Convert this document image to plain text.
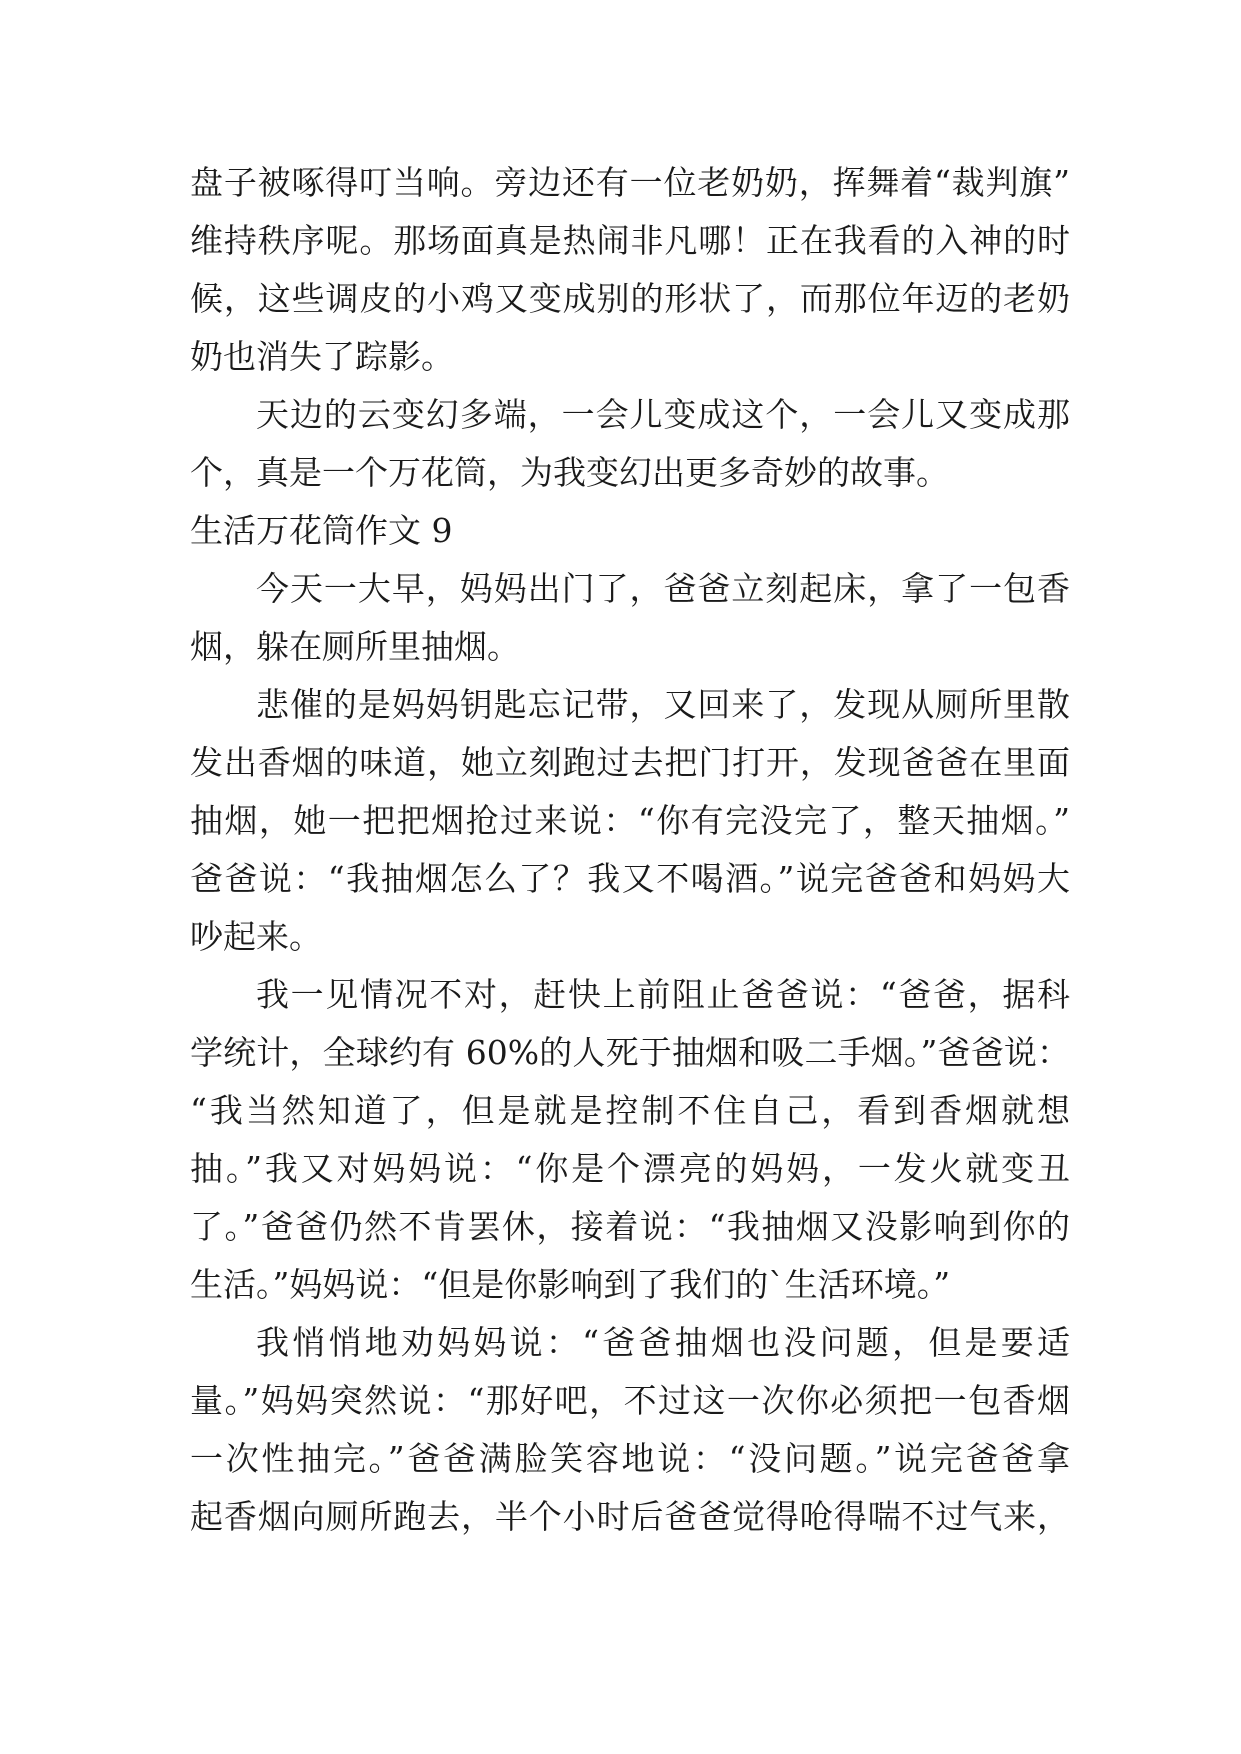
盘子被啄得叮当响。旁边还有一位老奶奶，挥舞着“裁判旗”
维持秩序呢。那场面真是热闹非凡哪！正在我看的入神的时
候，这些调皮的小鸡又变成别的形状了，而那位年迈的老奶
奶也消失了踪影。
天边的云变幻多端，一会儿变成这个，一会儿又变成那
个，真是一个万花筒，为我变幻出更多奇妙的故事。
生活万花筒作文 9
今天一大早，妈妈出门了，爸爸立刻起床，拿了一包香
烟，躲在厕所里抽烟。
悲催的是妈妈钥匙忘记带，又回来了，发现从厕所里散
发出香烟的味道，她立刻跑过去把门打开，发现爸爸在里面
抽烟，她一把把烟抢过来说：“你有完没完了，整天抽烟。”
爸爸说：“我抽烟怎么了？我又不喝酒。”说完爸爸和妈妈大
吵起来。
我一见情况不对，赶快上前阻止爸爸说：“爸爸，据科
学统计，全球约有 60%的人死于抽烟和吸二手烟。”爸爸说：
“我当然知道了，但是就是控制不住自己，看到香烟就想
抽。”我又对妈妈说：“你是个漂亮的妈妈，一发火就变丑
了。”爸爸仍然不肯罢休，接着说：“我抽烟又没影响到你的
生活。”妈妈说：“但是你影响到了我们的`生活环境。”
我悄悄地劝妈妈说：“爸爸抽烟也没问题，但是要适
量。”妈妈突然说：“那好吧，不过这一次你必须把一包香烟
一次性抽完。”爸爸满脸笑容地说：“没问题。”说完爸爸拿
起香烟向厕所跑去，半个小时后爸爸觉得呛得喘不过气来，
